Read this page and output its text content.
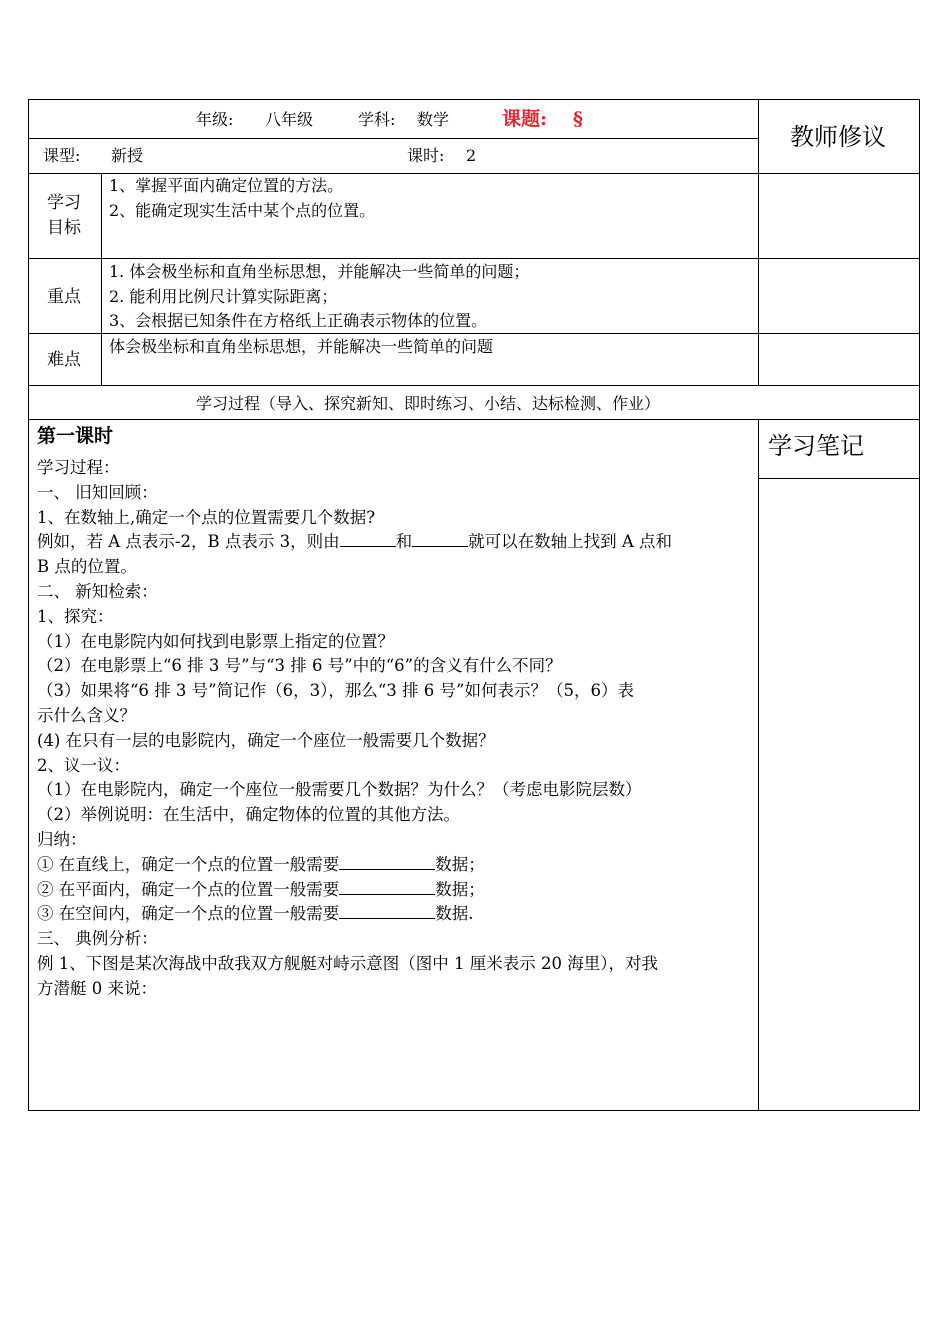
年级: 八年级	学科: 数学	课题: §
教师修议
课型: 新授	课时: 2
学习
目标
1、掌握平面内确定位置的方法。
2、能确定现实生活中某个点的位置。
重点
1. 体会极坐标和直角坐标思想，并能解决一些简单的问题；
2. 能利用比例尺计算实际距离；
3、会根据已知条件在方格纸上正确表示物体的位置。
难点
体会极坐标和直角坐标思想，并能解决一些简单的问题
学习过程（导入、探究新知、即时练习、小结、达标检测、作业）
学习笔记
第一课时
学习过程：
一、 旧知回顾：
1、在数轴上,确定一个点的位置需要几个数据?
例如，若 A 点表示-2，B 点表示 3，则由	和	就可以在数轴上找到 A 点和
B 点的位置。
二、 新知检索：
1、探究：
（1）在电影院内如何找到电影票上指定的位置？
（2）在电影票上“6 排 3 号”与“3 排 6 号”中的“6”的含义有什么不同？
（3）如果将“6 排 3 号”简记作（6，3），那么“3 排 6 号”如何表示？（5，6）表
示什么含义？
(4) 在只有一层的电影院内，确定一个座位一般需要几个数据？
2、议一议：
（1）在电影院内，确定一个座位一般需要几个数据？为什么？（考虑电影院层数）
（2）举例说明：在生活中，确定物体的位置的其他方法。
归纳：
① 在直线上，确定一个点的位置一般需要	数据；
② 在平面内，确定一个点的位置一般需要	数据；
③ 在空间内，确定一个点的位置一般需要	数据.
三、 典例分析：
例 1、下图是某次海战中敌我双方舰艇对峙示意图（图中 1 厘米表示 20 海里），对我
方潜艇 0 来说：
